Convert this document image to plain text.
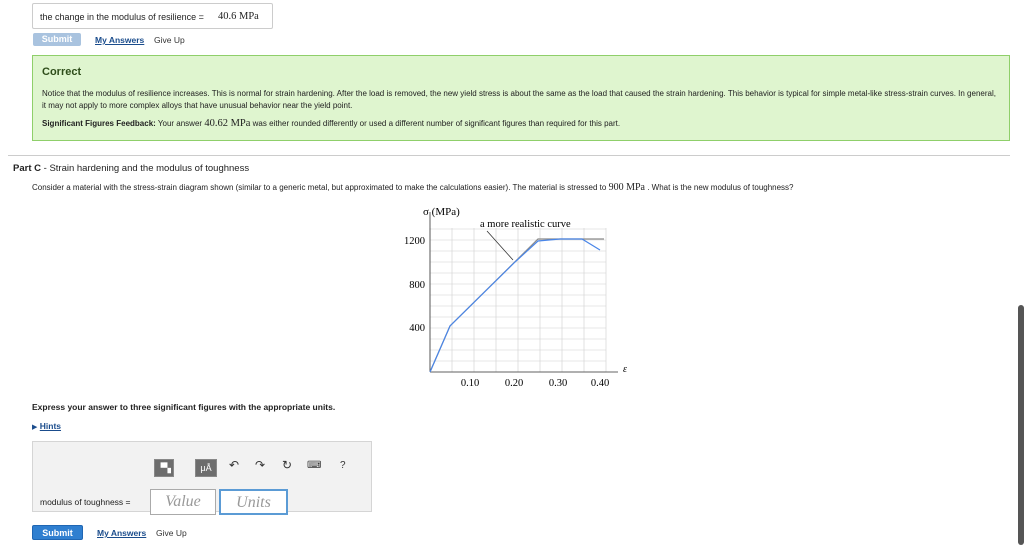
the change in the modulus of resilience = 40.6 MPa
Submit	My Answers Give Up
Correct
Notice that the modulus of resilience increases. This is normal for strain hardening. After the load is removed, the new yield stress is about the same as the load that caused the strain hardening. This behavior is typical for simple metal-like stress-strain curves. In general, it may not apply to more complex alloys that have unusual behavior near the yield point.
Significant Figures Feedback: Your answer 40.62 MPa was either rounded differently or used a different number of significant figures than required for this part.
Part C - Strain hardening and the modulus of toughness
Consider a material with the stress-strain diagram shown (similar to a generic metal, but approximated to make the calculations easier). The material is stressed to 900 MPa . What is the new modulus of toughness?
σ (MPa)
ε
a more realistic curve
1200
800
400
0.10 0.20 0.30 0.40
Express your answer to three significant figures with the appropriate units.
▶ Hints
▝▚	μÅ	↶ ↷ ↻ ⌨ ?
modulus of toughness =	Value	Units
Submit	My Answers Give Up
